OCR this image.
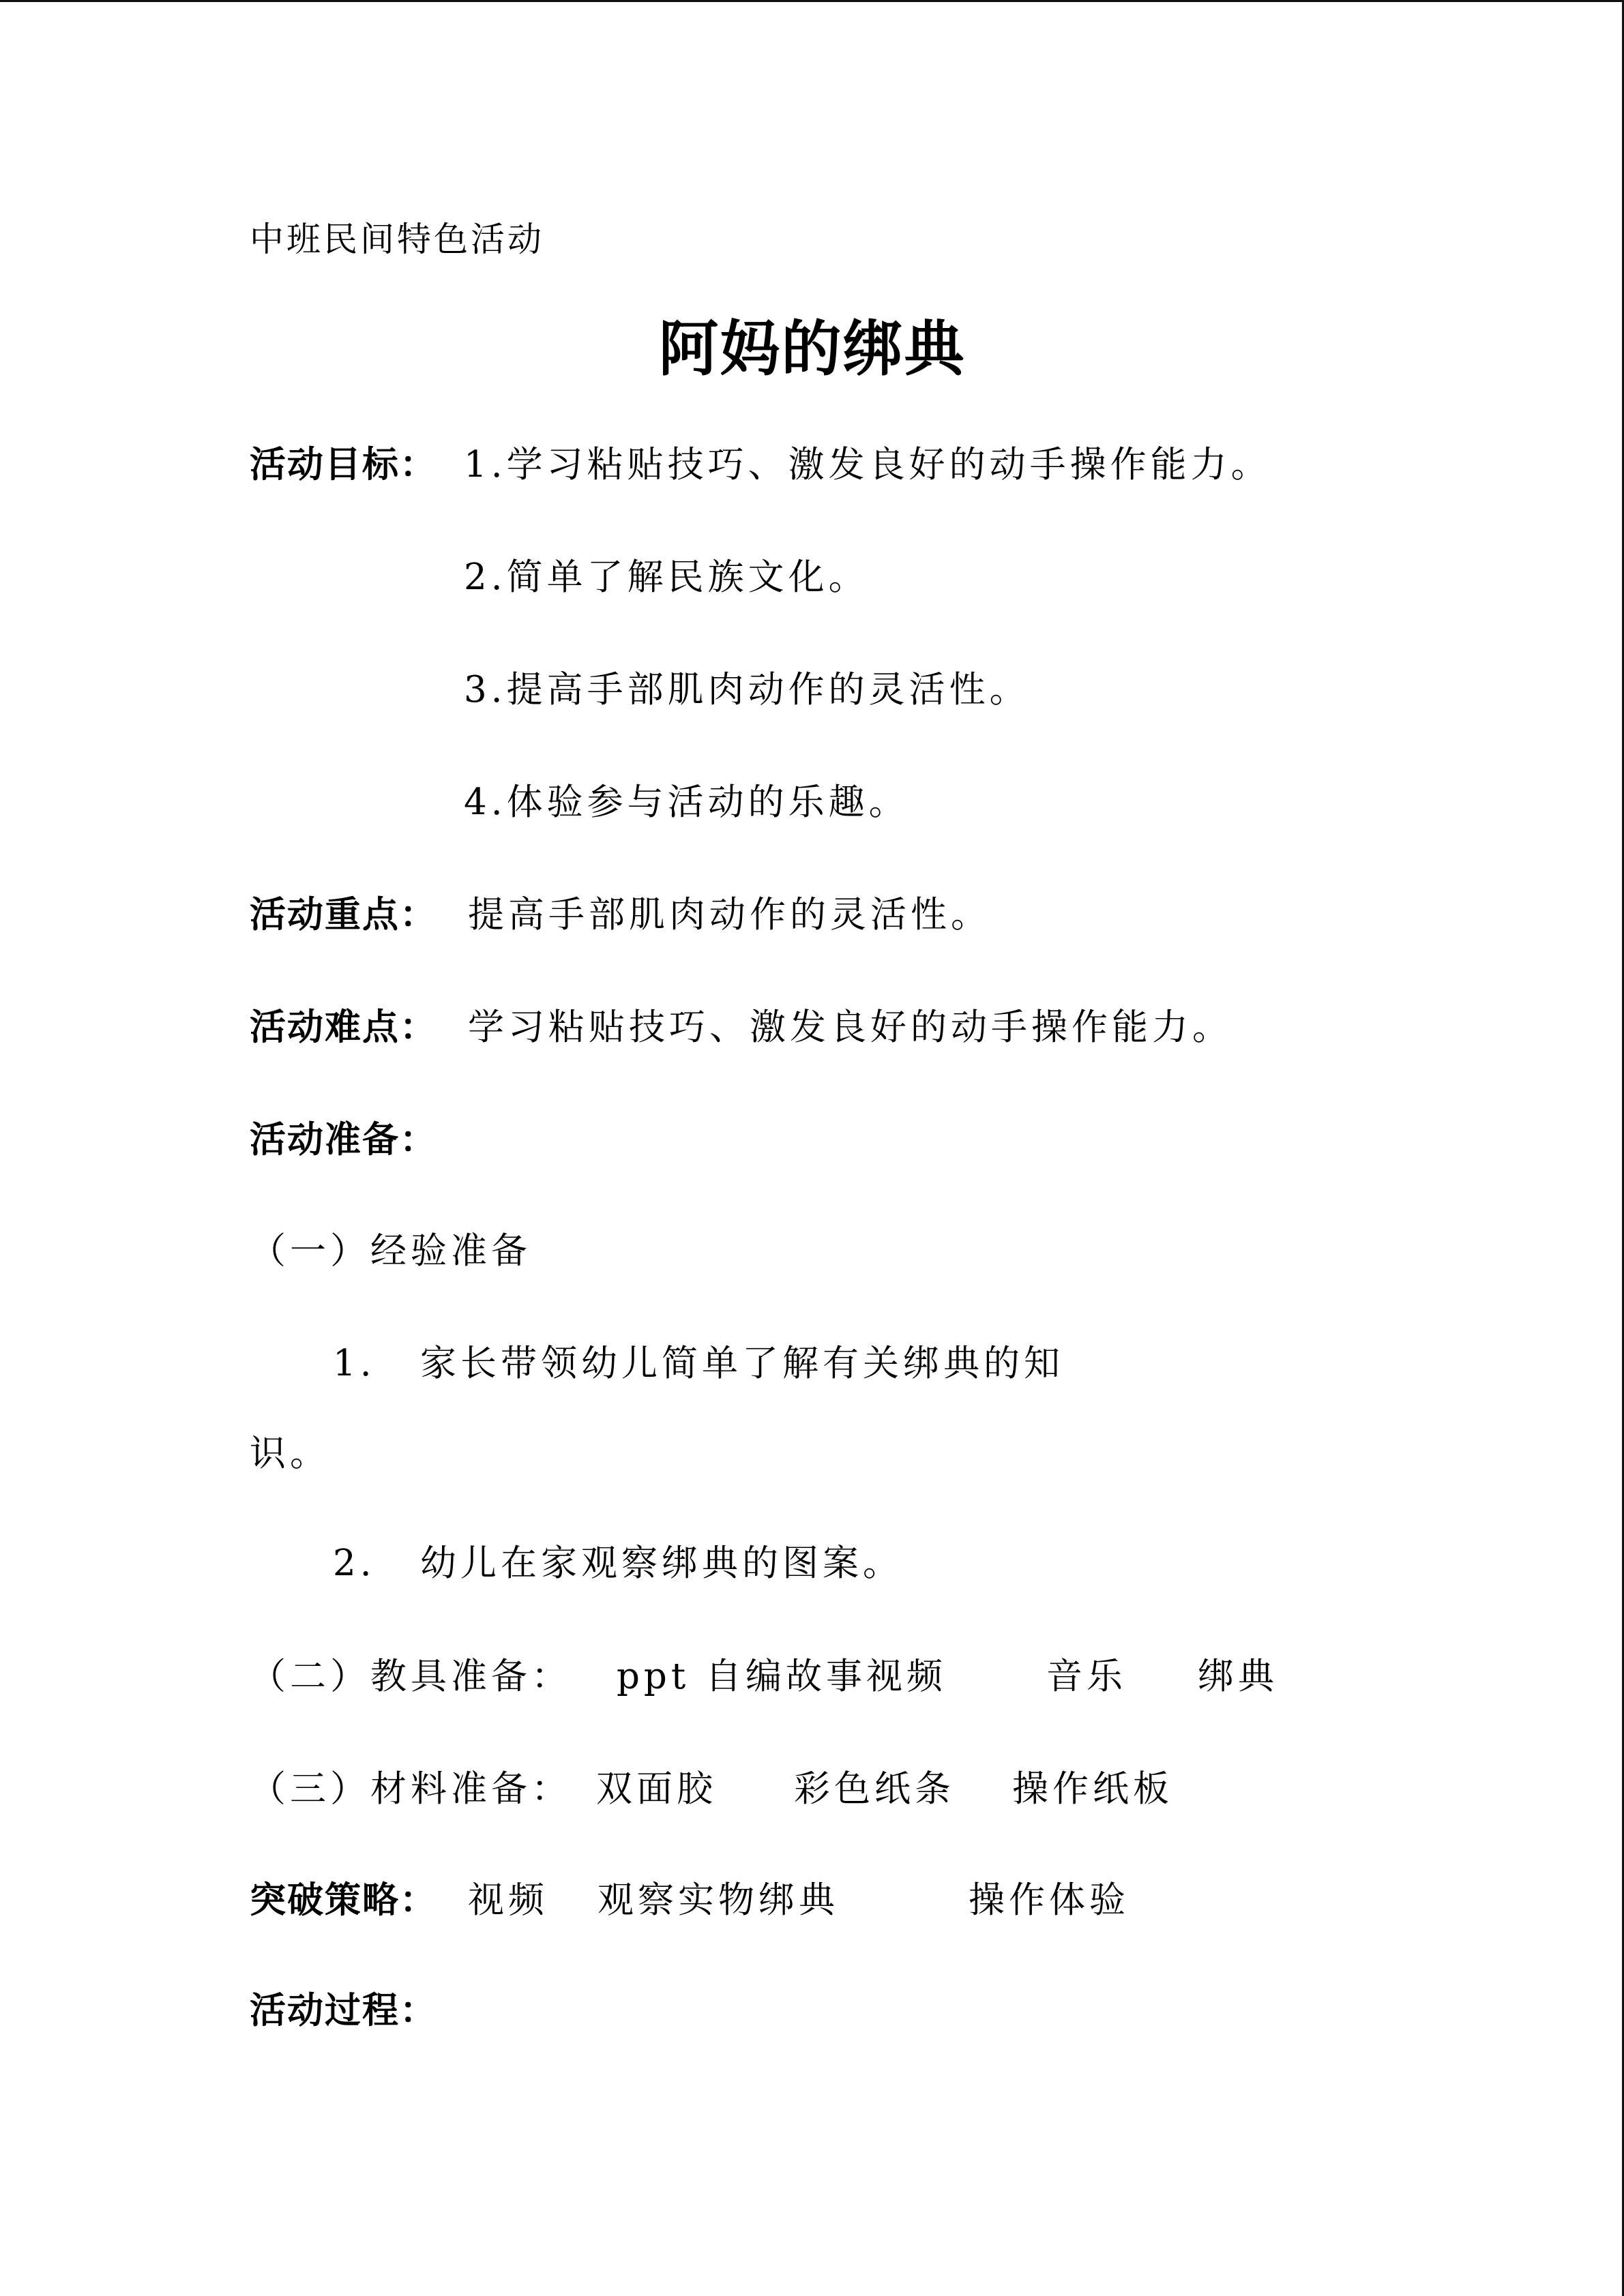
中班民间特色活动
阿妈的绑典
活动目标： 1.学习粘贴技巧、激发良好的动手操作能力。
2.简单了解民族文化。
3.提高手部肌肉动作的灵活性。
4.体验参与活动的乐趣。
活动重点： 提高手部肌肉动作的灵活性。
活动难点： 学习粘贴技巧、激发良好的动手操作能力。
活动准备：
（一）经验准备
1. 家长带领幼儿简单了解有关绑典的知
识。
2. 幼儿在家观察绑典的图案。
（二）教具准备： ppt 自编故事视频	音乐 绑典
（三）材料准备： 双面胶 彩色纸条 操作纸板
突破策略： 视频 观察实物绑典	操作体验
活动过程：
